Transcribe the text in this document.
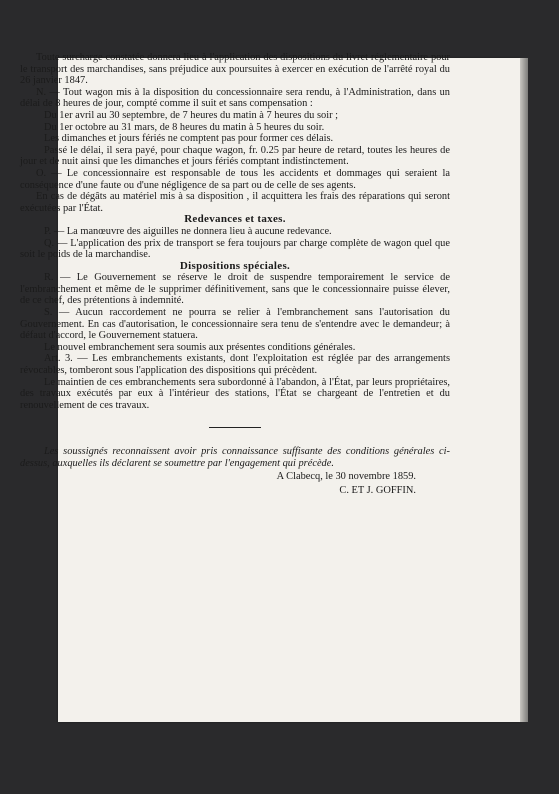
Toute surcharge constatée donnera lieu à l'application des dispositions du livret réglementaire pour le transport des marchandises, sans préjudice aux poursuites à exercer en exécution de l'arrêté royal du 26 janvier 1847.

N. — Tout wagon mis à la disposition du concessionnaire sera rendu, à l'Administration, dans un délai de 8 heures de jour, compté comme il suit et sans compensation :

Du 1er avril au 30 septembre, de 7 heures du matin à 7 heures du soir ;

Du 1er octobre au 31 mars, de 8 heures du matin à 5 heures du soir.

Les dimanches et jours fériés ne comptent pas pour former ces délais.

Passé le délai, il sera payé, pour chaque wagon, fr. 0.25 par heure de retard, toutes les heures de jour et de nuit ainsi que les dimanches et jours fériés comptant indistinctement.

O. — Le concessionnaire est responsable de tous les accidents et dommages qui seraient la conséquence d'une faute ou d'une négligence de sa part ou de celle de ses agents.

En cas de dégâts au matériel mis à sa disposition , il acquittera les frais des réparations qui seront exécutées par l'État.

Redevances et taxes.

P. — La manœuvre des aiguilles ne donnera lieu à aucune redevance.

Q. — L'application des prix de transport se fera toujours par charge complète de wagon quel que soit le poids de la marchandise.

Dispositions spéciales.

R. — Le Gouvernement se réserve le droit de suspendre temporairement le service de l'embranchement et même de le supprimer définitivement, sans que le concessionnaire puisse élever, de ce chef, des prétentions à indemnité.

S. — Aucun raccordement ne pourra se relier à l'embranchement sans l'autorisation du Gouvernement. En cas d'autorisation, le concessionnaire sera tenu de s'entendre avec le demandeur; à défaut d'accord, le Gouvernement statuera.

Le nouvel embranchement sera soumis aux présentes conditions générales.

Art. 3. — Les embranchements existants, dont l'exploitation est réglée par des arrangements révocables, tomberont sous l'application des dispositions qui précèdent.

Le maintien de ces embranchements sera subordonné à l'abandon, à l'État, par leurs propriétaires, des travaux exécutés par eux à l'intérieur des stations, l'État se chargeant de l'entretien et du renouvellement de ces travaux.

Les soussignés reconnaissent avoir pris connaissance suffisante des conditions générales ci-dessus, auxquelles ils déclarent se soumettre par l'engagement qui précède.

A Clabecq, le 30 novembre 1859.

C. ET J. GOFFIN.
